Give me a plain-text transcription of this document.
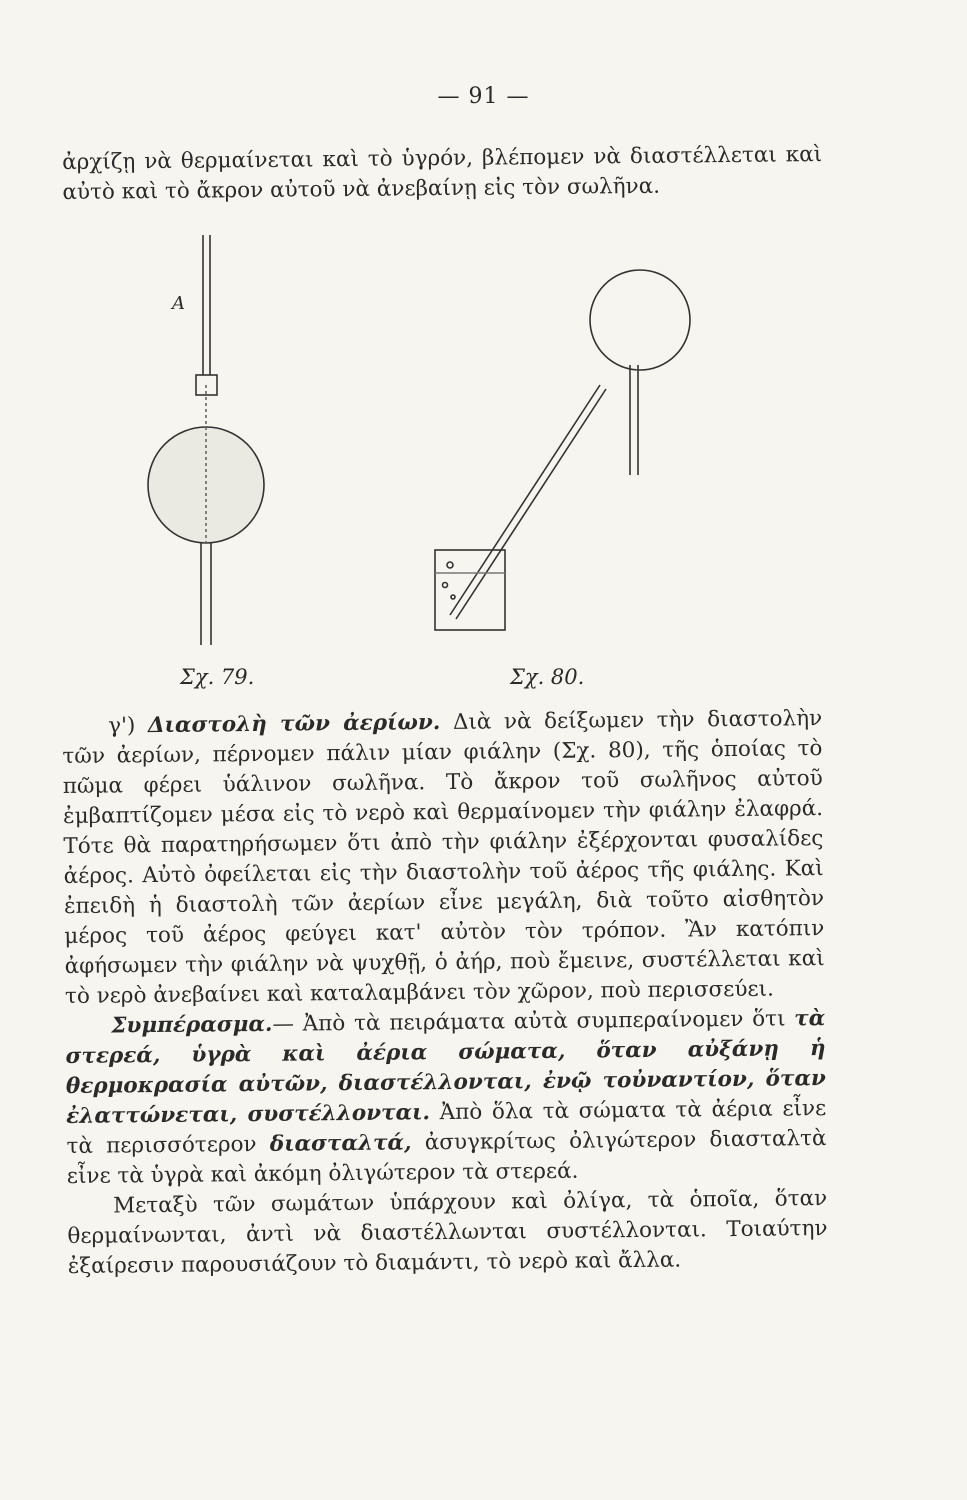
— 91 —
ἀρχίζῃ νὰ θερμαίνεται καὶ τὸ ὑγρόν, βλέπομεν νὰ διαστέλλεται καὶ αὐτὸ καὶ τὸ ἄκρον αὐτοῦ νὰ ἀνεβαίνῃ εἰς τὸν σωλῆνα.
Α
Σχ. 79.	Σχ. 80.

γ') Διαστολὴ τῶν ἀερίων. Διὰ νὰ δείξωμεν τὴν διαστολὴν τῶν ἀερίων, πέρνομεν πάλιν μίαν φιάλην (Σχ. 80), τῆς ὁποίας τὸ πῶμα φέρει ὑάλινον σωλῆνα. Τὸ ἄκρον τοῦ σωλῆνος αὐτοῦ ἐμβαπτίζομεν μέσα εἰς τὸ νερὸ καὶ θερμαίνομεν τὴν φιάλην ἐλαφρά. Τότε θὰ παρατηρήσωμεν ὅτι ἀπὸ τὴν φιάλην ἐξέρχονται φυσαλίδες ἀέρος. Αὐτὸ ὀφείλεται εἰς τὴν διαστολὴν τοῦ ἀέρος τῆς φιάλης. Καὶ ἐπειδὴ ἡ διαστολὴ τῶν ἀερίων εἶνε μεγάλη, διὰ τοῦτο αἰσθητὸν μέρος τοῦ ἀέρος φεύγει κατ' αὐτὸν τὸν τρόπον. Ἂν κατόπιν ἀφήσωμεν τὴν φιάλην νὰ ψυχθῇ, ὁ ἀήρ, ποὺ ἔμεινε, συστέλλεται καὶ τὸ νερὸ ἀνεβαίνει καὶ καταλαμβάνει τὸν χῶρον, ποὺ περισσεύει.

Συμπέρασμα.— Ἀπὸ τὰ πειράματα αὐτὰ συμπεραίνομεν ὅτι τὰ στερεά, ὑγρὰ καὶ ἀέρια σώματα, ὅταν αὐξάνῃ ἡ θερμοκρασία αὐτῶν, διαστέλλονται, ἐνῷ τοὐναντίον, ὅταν ἐλαττώνεται, συστέλλονται. Ἀπὸ ὅλα τὰ σώματα τὰ ἀέρια εἶνε τὰ περισσότερον διασταλτά, ἀσυγκρίτως ὀλιγώτερον διασταλτὰ εἶνε τὰ ὑγρὰ καὶ ἀκόμη ὀλιγώτερον τὰ στερεά.

Μεταξὺ τῶν σωμάτων ὑπάρχουν καὶ ὀλίγα, τὰ ὁποῖα, ὅταν θερμαίνωνται, ἀντὶ νὰ διαστέλλωνται συστέλλονται. Τοιαύτην ἐξαίρεσιν παρουσιάζουν τὸ διαμάντι, τὸ νερὸ καὶ ἄλλα.
